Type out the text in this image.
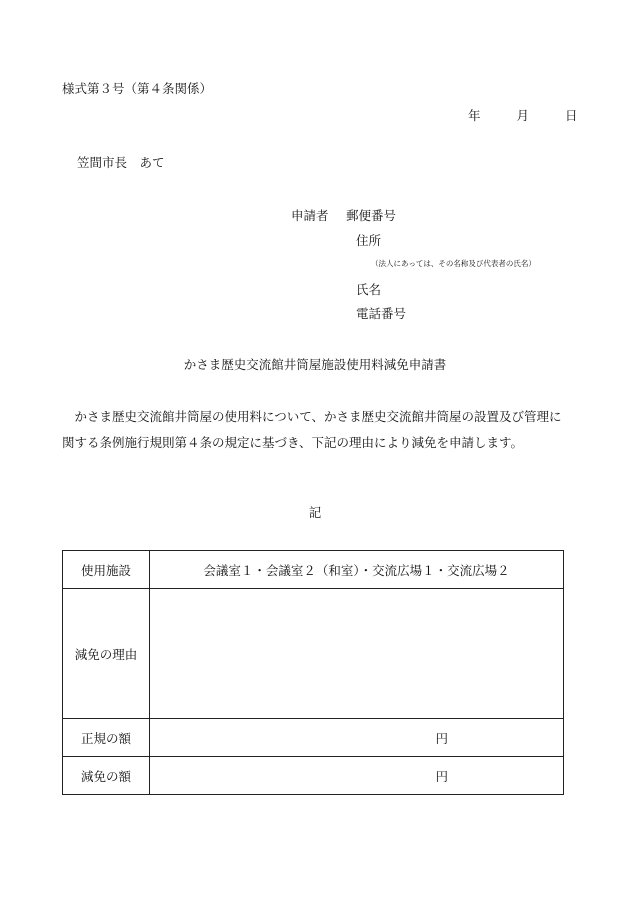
様式第３号（第４条関係）
年	月	日
笠間市長　あて
申請者 郵便番号
住所
（法人にあっては、その名称及び代表者の氏名）
氏名
電話番号
かさま歴史交流館井筒屋施設使用料減免申請書
　かさま歴史交流館井筒屋の使用料について、かさま歴史交流館井筒屋の設置及び管理に関する条例施行規則第４条の規定に基づき、下記の理由により減免を申請します。
記
使用施設	会議室１・会議室２（和室）・交流広場１・交流広場２
減免の理由	
正規の額	円
減免の額	円
